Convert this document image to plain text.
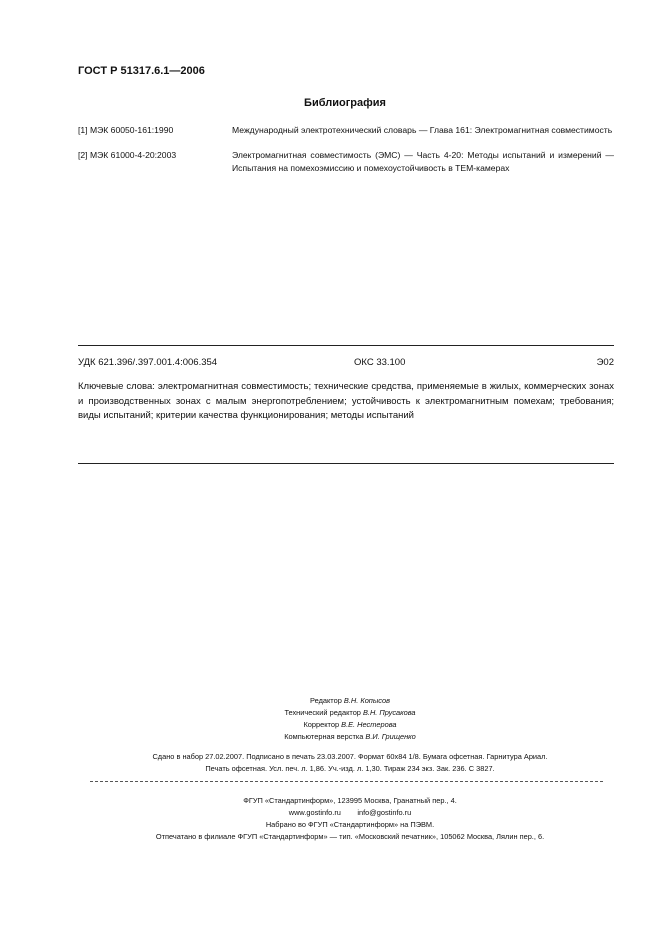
ГОСТ Р 51317.6.1—2006
Библиография
[1] МЭК 60050-161:1990	Международный электротехнический словарь — Глава 161: Электромагнитная совместимость
[2] МЭК 61000-4-20:2003	Электромагнитная совместимость (ЭМС) — Часть 4-20: Методы испытаний и измерений — Испытания на помехоэмиссию и помехоустойчивость в ТЕМ-камерах
УДК 621.396/.397.001.4:006.354	ОКС 33.100	Э02
Ключевые слова: электромагнитная совместимость; технические средства, применяемые в жилых, коммерческих зонах и производственных зонах с малым энергопотреблением; устойчивость к электромагнитным помехам; требования; виды испытаний; критерии качества функционирования; методы испытаний
Редактор В.Н. Копысов
Технический редактор В.Н. Прусакова
Корректор В.Е. Нестерова
Компьютерная верстка В.И. Грищенко
Сдано в набор 27.02.2007. Подписано в печать 23.03.2007. Формат 60х84 1/8. Бумага офсетная. Гарнитура Ариал.
Печать офсетная. Усл. печ. л. 1,86. Уч.-изд. л. 1,30. Тираж 234 экз. Зак. 236. С 3827.
ФГУП «Стандартинформ», 123995 Москва, Гранатный пер., 4.
www.gostinfo.ru        info@gostinfo.ru
Набрано во ФГУП «Стандартинформ» на ПЭВМ.
Отпечатано в филиале ФГУП «Стандартинформ» — тип. «Московский печатник», 105062 Москва, Лялин пер., 6.
